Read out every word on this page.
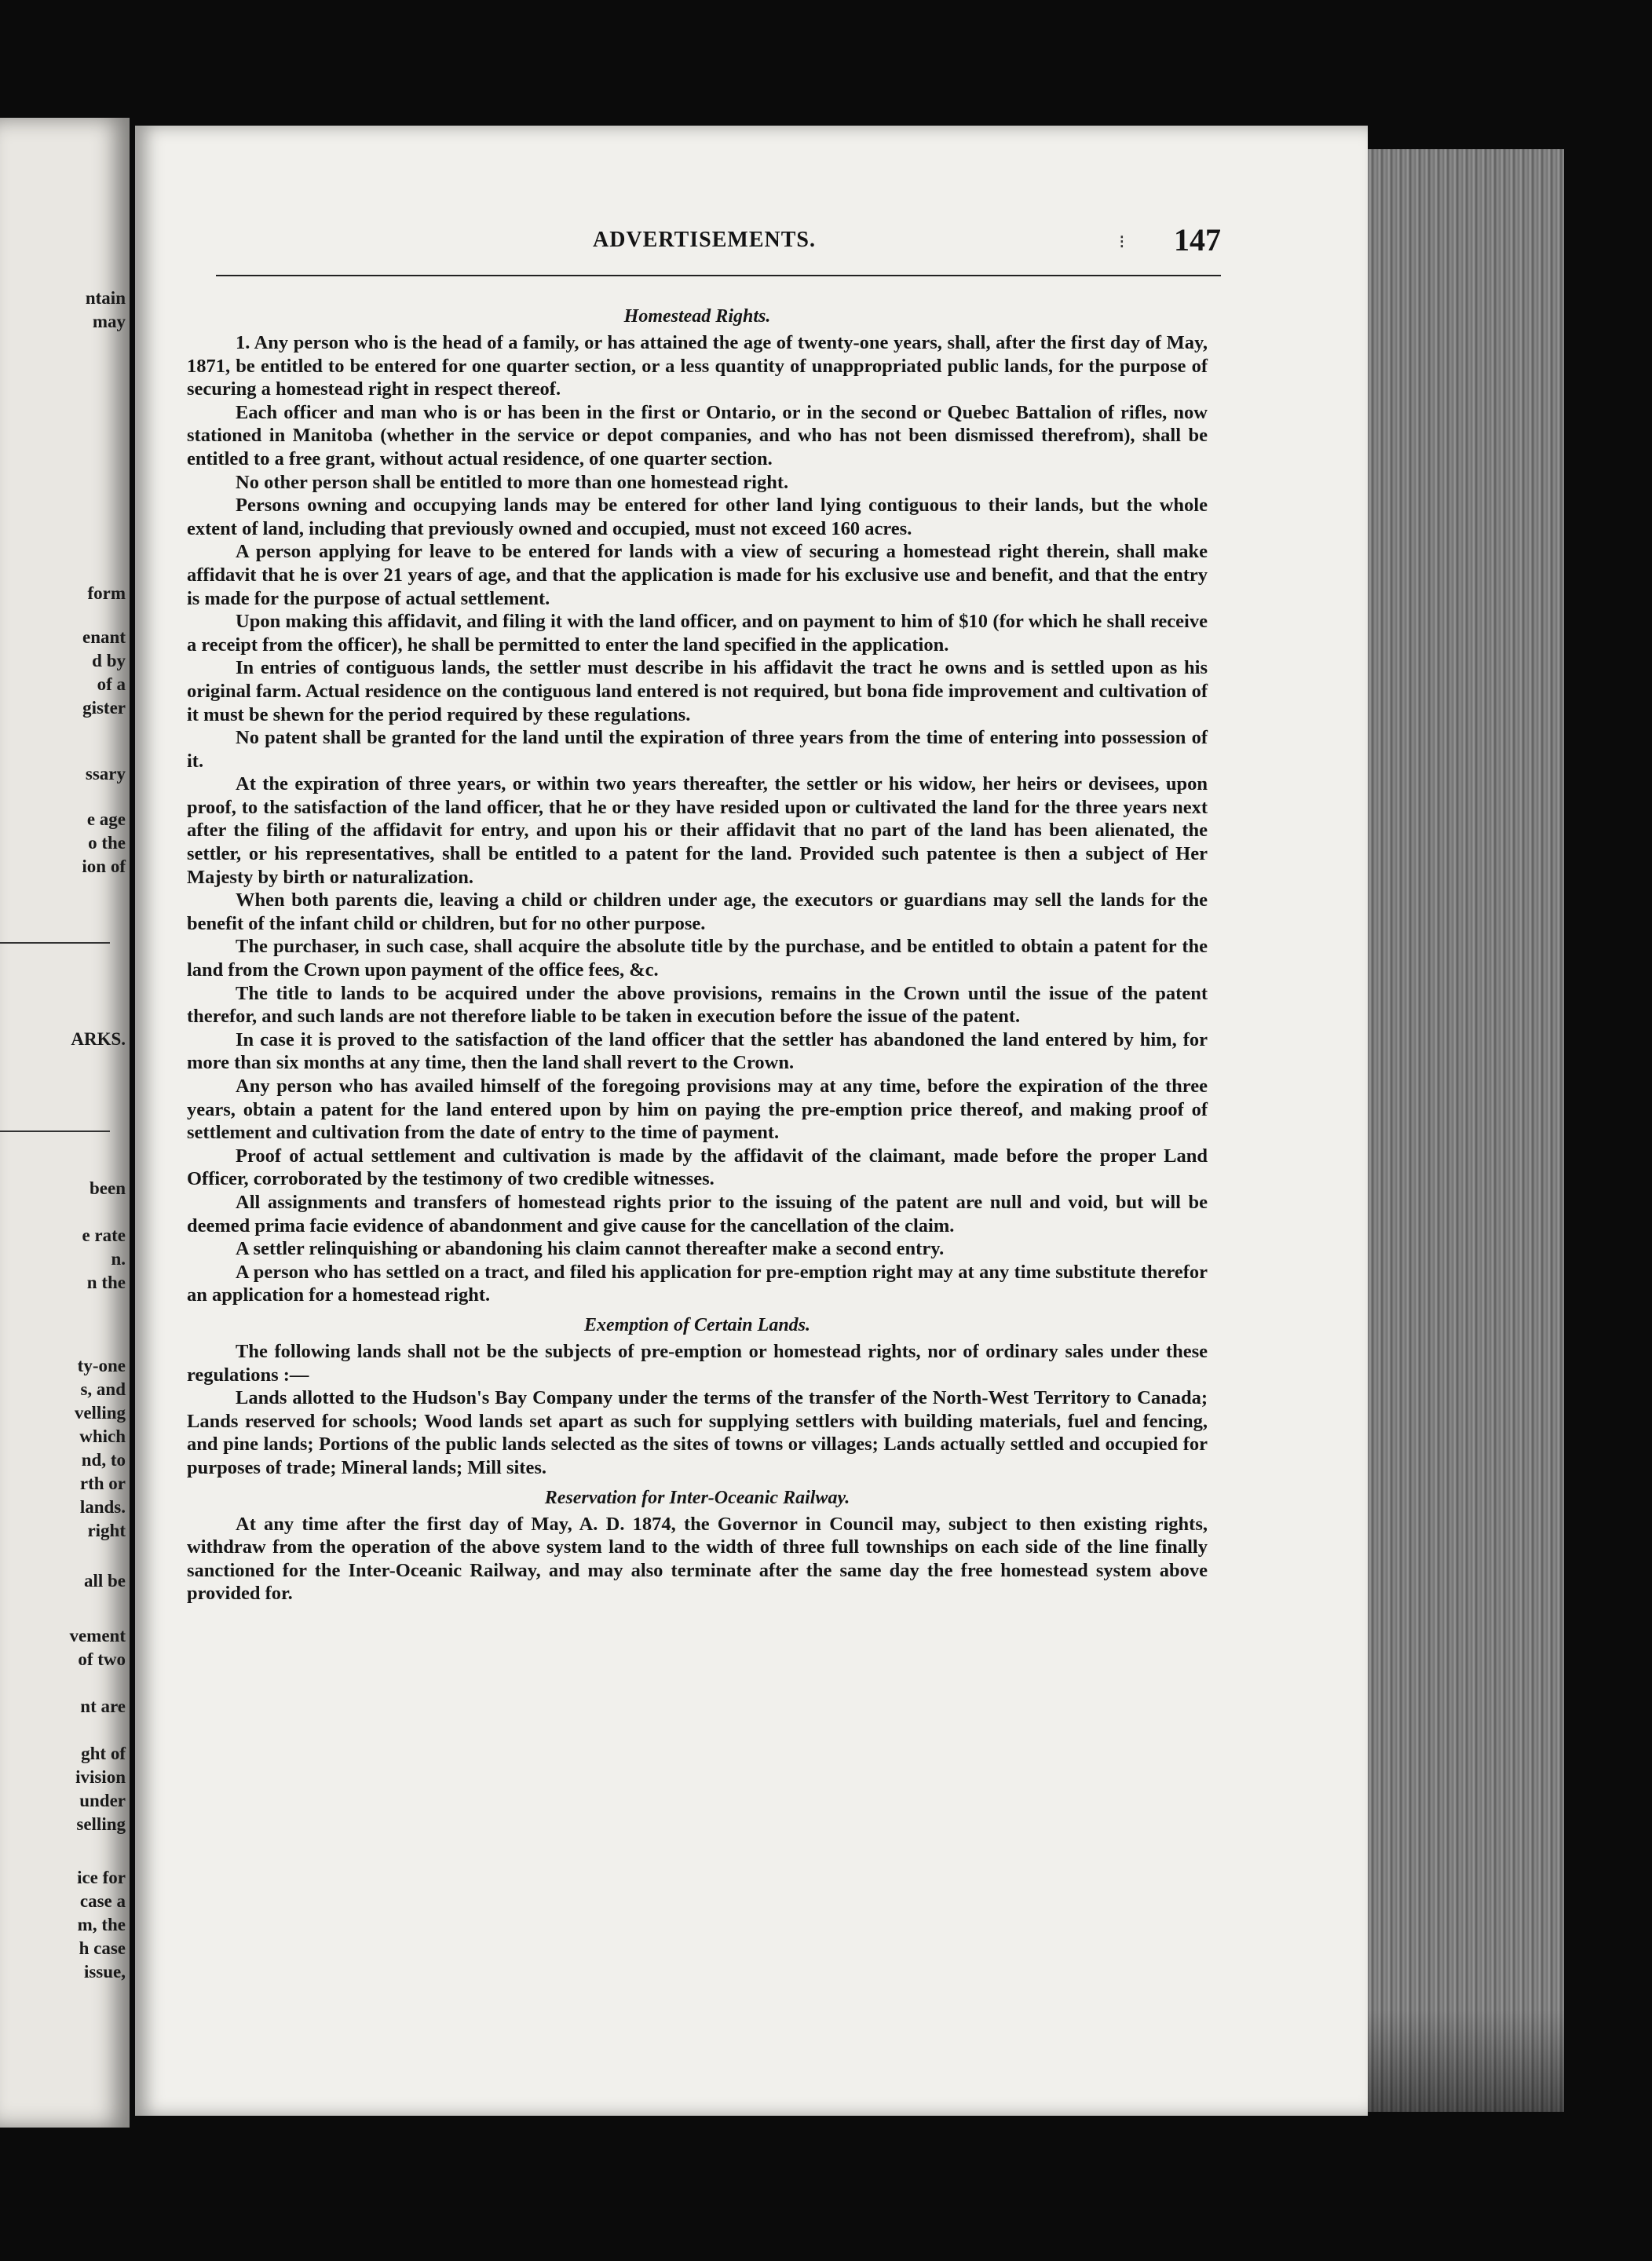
ntain
may
form
enant
d by
of a
gister
ssary
e age
o the
ion of
ARKS.
been
e rate
n.
n the
ty-one
s, and
velling
which
nd, to
rth or
lands.
right
all be
vement
of two
nt are
ght of
ivision
under
selling
ice for
case a
m, the
h case
issue,
ADVERTISEMENTS.	⁝ 147
Homestead Rights.

1. Any person who is the head of a family, or has attained the age of twenty-one years, shall, after the first day of May, 1871, be entitled to be entered for one quarter section, or a less quantity of unappropriated public lands, for the purpose of securing a homestead right in respect thereof.

Each officer and man who is or has been in the first or Ontario, or in the second or Quebec Battalion of rifles, now stationed in Manitoba (whether in the service or depot companies, and who has not been dismissed therefrom), shall be entitled to a free grant, without actual residence, of one quarter section.

No other person shall be entitled to more than one homestead right.

Persons owning and occupying lands may be entered for other land lying contiguous to their lands, but the whole extent of land, including that previously owned and occupied, must not exceed 160 acres.

A person applying for leave to be entered for lands with a view of securing a homestead right therein, shall make affidavit that he is over 21 years of age, and that the application is made for his exclusive use and benefit, and that the entry is made for the purpose of actual settlement.

Upon making this affidavit, and filing it with the land officer, and on payment to him of $10 (for which he shall receive a receipt from the officer), he shall be permitted to enter the land specified in the application.

In entries of contiguous lands, the settler must describe in his affidavit the tract he owns and is settled upon as his original farm. Actual residence on the contiguous land entered is not required, but bona fide improvement and cultivation of it must be shewn for the period required by these regulations.

No patent shall be granted for the land until the expiration of three years from the time of entering into possession of it.

At the expiration of three years, or within two years thereafter, the settler or his widow, her heirs or devisees, upon proof, to the satisfaction of the land officer, that he or they have resided upon or cultivated the land for the three years next after the filing of the affidavit for entry, and upon his or their affidavit that no part of the land has been alienated, the settler, or his representatives, shall be entitled to a patent for the land. Provided such patentee is then a subject of Her Majesty by birth or naturalization.

When both parents die, leaving a child or children under age, the executors or guardians may sell the lands for the benefit of the infant child or children, but for no other purpose.

The purchaser, in such case, shall acquire the absolute title by the purchase, and be entitled to obtain a patent for the land from the Crown upon payment of the office fees, &c.

The title to lands to be acquired under the above provisions, remains in the Crown until the issue of the patent therefor, and such lands are not therefore liable to be taken in execution before the issue of the patent.

In case it is proved to the satisfaction of the land officer that the settler has abandoned the land entered by him, for more than six months at any time, then the land shall revert to the Crown.

Any person who has availed himself of the foregoing provisions may at any time, before the expiration of the three years, obtain a patent for the land entered upon by him on paying the pre-emption price thereof, and making proof of settlement and cultivation from the date of entry to the time of payment.

Proof of actual settlement and cultivation is made by the affidavit of the claimant, made before the proper Land Officer, corroborated by the testimony of two credible witnesses.

All assignments and transfers of homestead rights prior to the issuing of the patent are null and void, but will be deemed prima facie evidence of abandonment and give cause for the cancellation of the claim.

A settler relinquishing or abandoning his claim cannot thereafter make a second entry.

A person who has settled on a tract, and filed his application for pre-emption right may at any time substitute therefor an application for a homestead right.

Exemption of Certain Lands.

The following lands shall not be the subjects of pre-emption or homestead rights, nor of ordinary sales under these regulations :—

Lands allotted to the Hudson's Bay Company under the terms of the transfer of the North-West Territory to Canada; Lands reserved for schools; Wood lands set apart as such for supplying settlers with building materials, fuel and fencing, and pine lands; Portions of the public lands selected as the sites of towns or villages; Lands actually settled and occupied for purposes of trade; Mineral lands; Mill sites.

Reservation for Inter-Oceanic Railway.

At any time after the first day of May, A. D. 1874, the Governor in Council may, subject to then existing rights, withdraw from the operation of the above system land to the width of three full townships on each side of the line finally sanctioned for the Inter-Oceanic Railway, and may also terminate after the same day the free homestead system above provided for.
